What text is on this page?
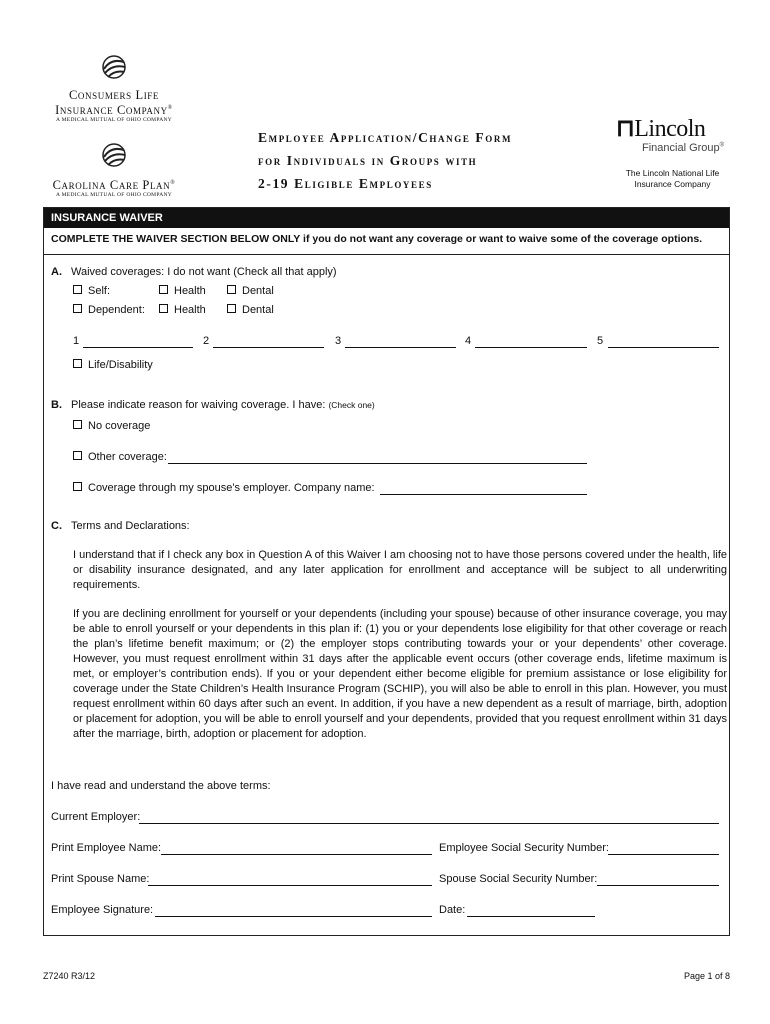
Consumers Life
Insurance Company®
A MEDICAL MUTUAL OF OHIO COMPANY
Carolina Care Plan®
A MEDICAL MUTUAL OF OHIO COMPANY
Employee Application/Change Form
for Individuals in Groups with
2-19 Eligible Employees
⊓Lincoln
Financial Group®
The Lincoln National Life
Insurance Company
INSURANCE WAIVER
COMPLETE THE WAIVER SECTION BELOW ONLY if you do not want any coverage or want to waive some of the coverage options.
A. Waived coverages: I do not want (Check all that apply)
Self:	Health	Dental
Dependent:	Health	Dental
1	2	3	4	5
Life/Disability
B. Please indicate reason for waiving coverage. I have: (Check one)
No coverage
Other coverage:
Coverage through my spouse’s employer. Company name:
C. Terms and Declarations:
I understand that if I check any box in Question A of this Waiver I am choosing not to have those persons covered under the health, life or disability insurance designated, and any later application for enrollment and acceptance will be subject to all underwriting requirements.
If you are declining enrollment for yourself or your dependents (including your spouse) because of other insurance coverage, you may be able to enroll yourself or your dependents in this plan if: (1) you or your dependents lose eligibility for that other coverage or reach the plan’s lifetime benefit maximum; or (2) the employer stops contributing towards your or your dependents’ other coverage. However, you must request enrollment within 31 days after the applicable event occurs (other coverage ends, lifetime maximum is met, or employer’s contribution ends). If you or your dependent either become eligible for premium assistance or lose eligibility for coverage under the State Children’s Health Insurance Program (SCHIP), you will also be able to enroll in this plan. However, you must request enrollment within 60 days after such an event. In addition, if you have a new dependent as a result of marriage, birth, adoption or placement for adoption, you will be able to enroll yourself and your dependents, provided that you request enrollment within 31 days after the marriage, birth, adoption or placement for adoption.
I have read and understand the above terms:
Current Employer:
Print Employee Name:	Employee Social Security Number:
Print Spouse Name:	Spouse Social Security Number:
Employee Signature:	Date:
Z7240 R3/12	Page 1 of 8
